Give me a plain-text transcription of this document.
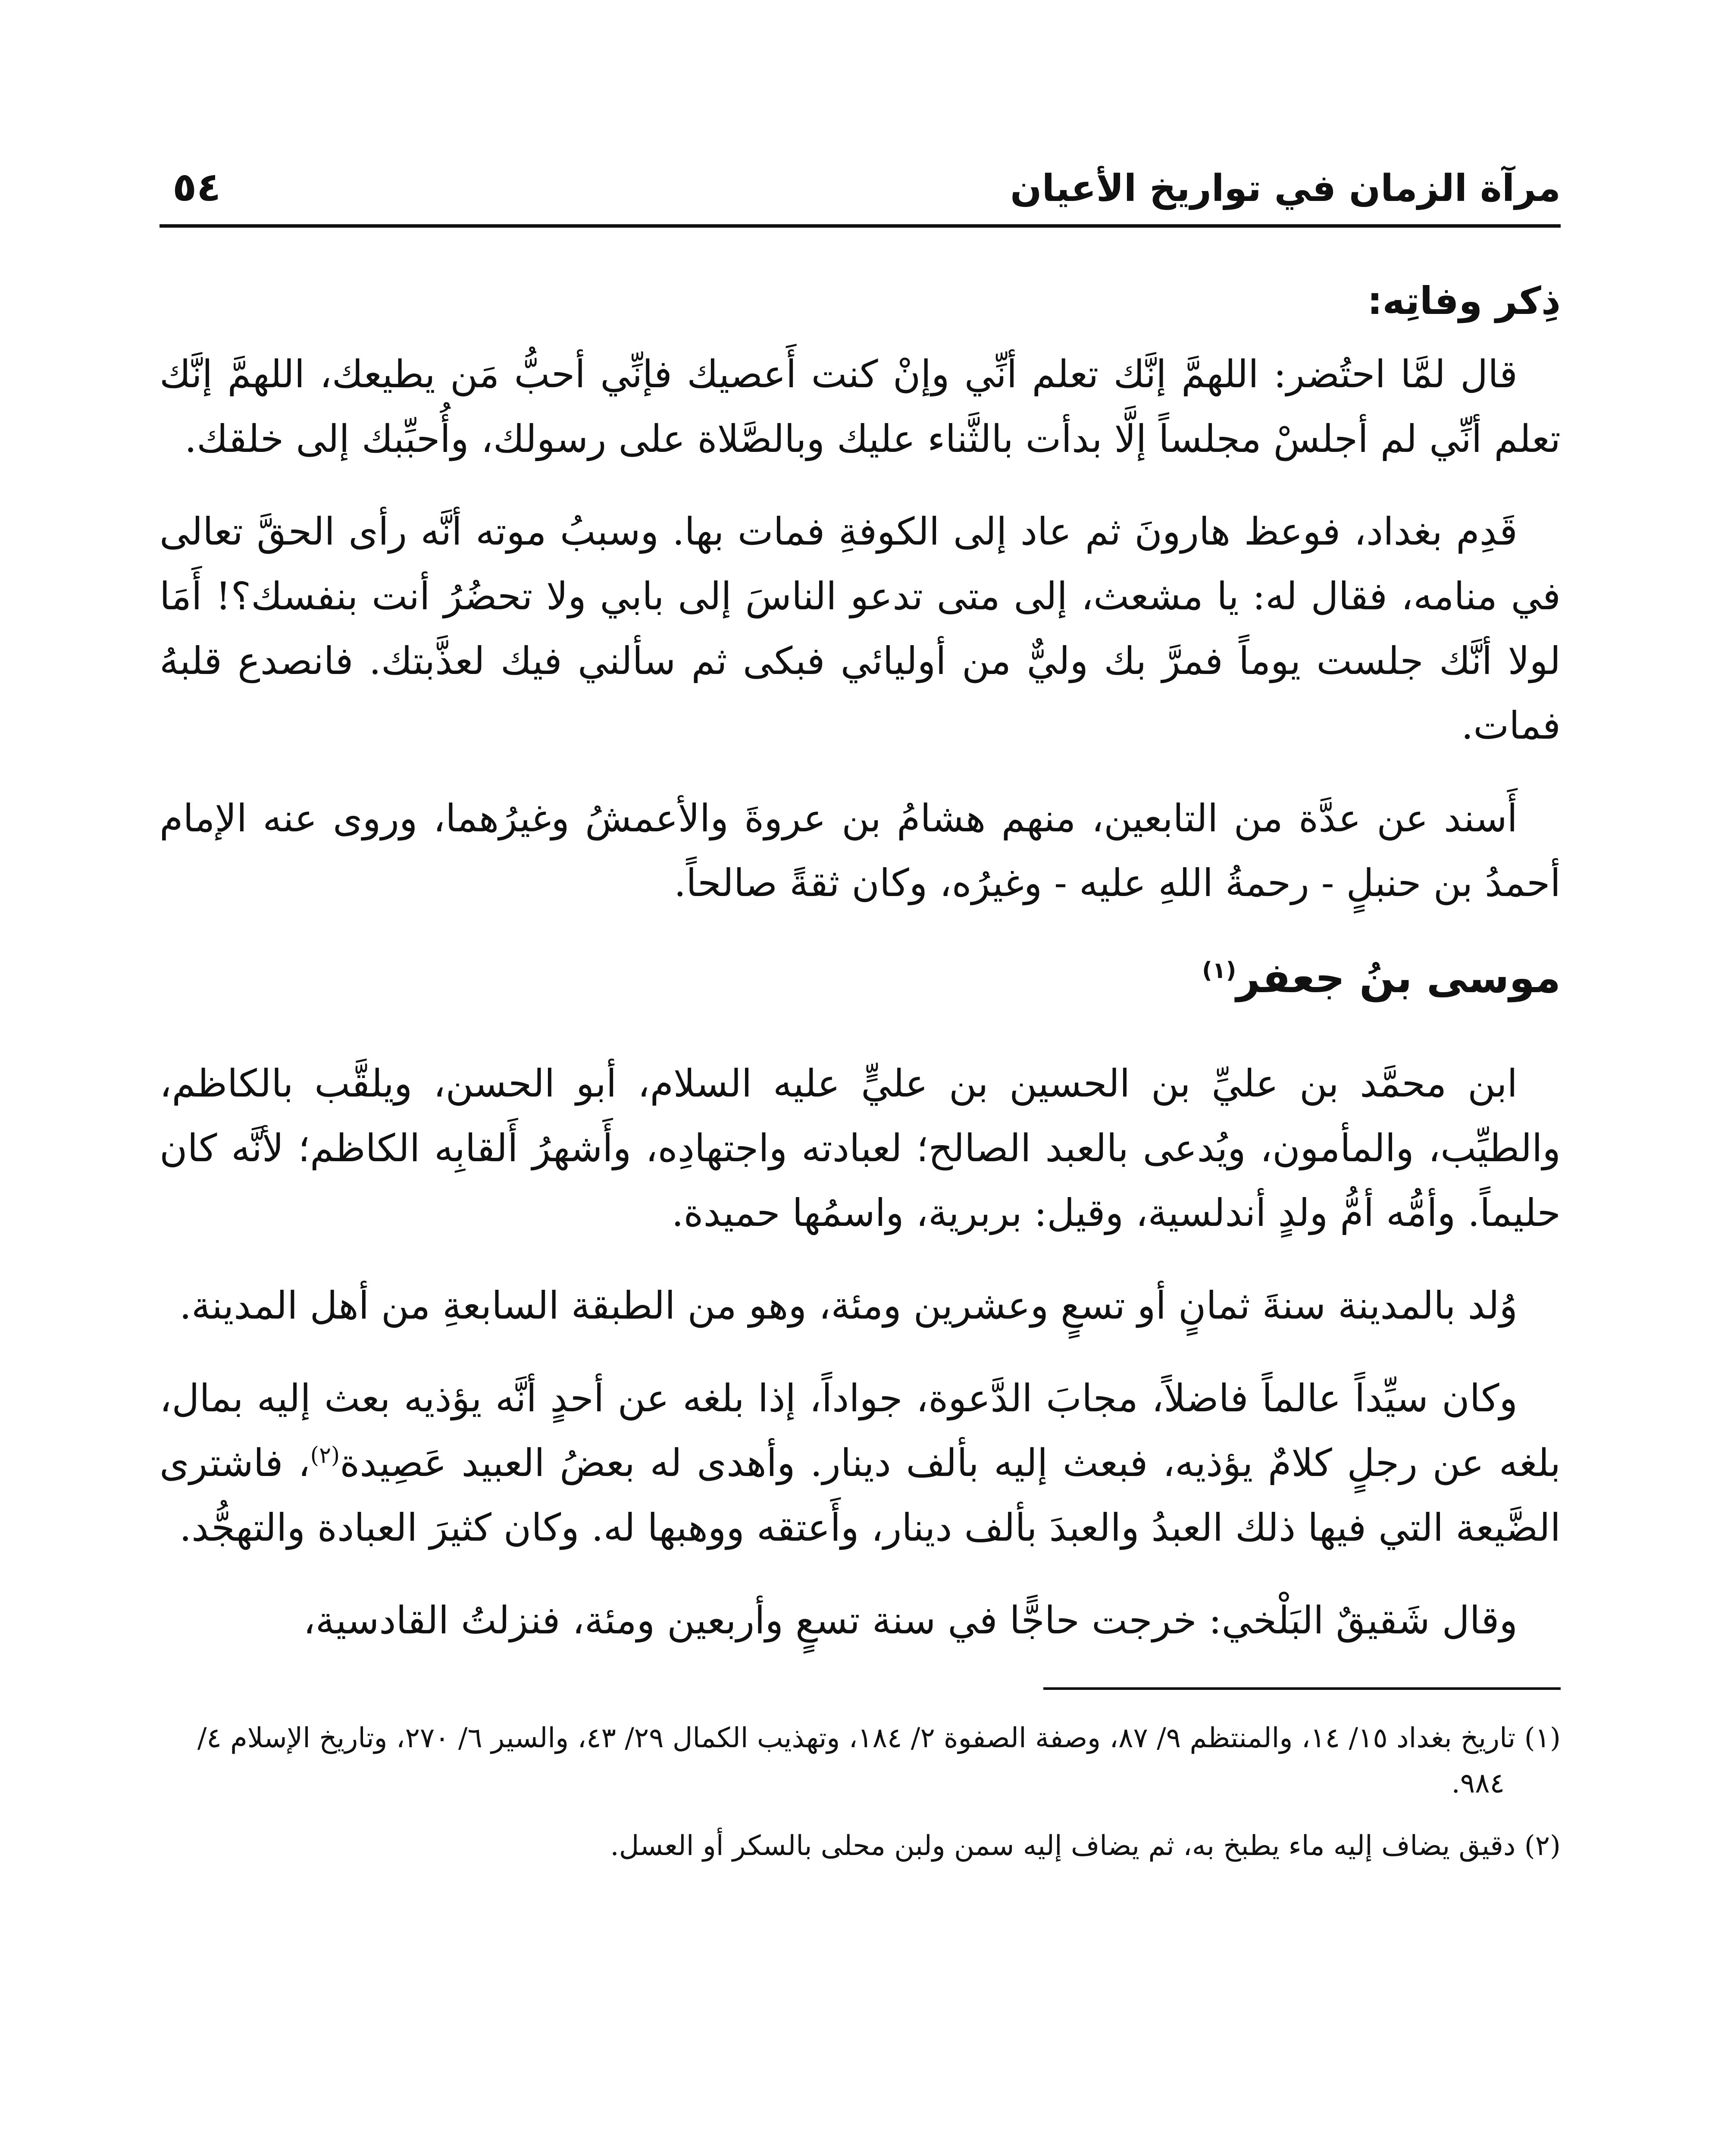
مرآة الزمان في تواريخ الأعيان
٥٤
ذِكر وفاتِه:

قال لمَّا احتُضر: اللهمَّ إنَّك تعلم أنِّي وإنْ كنت أَعصيك فإنِّي أحبُّ مَن يطيعك، اللهمَّ إنَّك تعلم أنِّي لم أجلسْ مجلساً إلَّا بدأت بالثَّناء عليك وبالصَّلاة على رسولك، وأُحبِّبك إلى خلقك.

قَدِم بغداد، فوعظ هارونَ ثم عاد إلى الكوفةِ فمات بها. وسببُ موته أنَّه رأى الحقَّ تعالى في منامه، فقال له: يا مشعث، إلى متى تدعو الناسَ إلى بابي ولا تحضُرُ أنت بنفسك؟! أَمَا لولا أنَّك جلست يوماً فمرَّ بك وليٌّ من أوليائي فبكى ثم سألني فيك لعذَّبتك. فانصدع قلبهُ فمات.

أَسند عن عدَّة من التابعين، منهم هشامُ بن عروةَ والأعمشُ وغيرُهما، وروى عنه الإمام أحمدُ بن حنبلٍ - رحمةُ اللهِ عليه - وغيرُه، وكان ثقةً صالحاً.

موسى بنُ جعفر$^{(١)}$

ابن محمَّد بن عليِّ بن الحسين بن عليٍّ عليه السلام، أبو الحسن، ويلقَّب بالكاظم، والطيِّب، والمأمون، ويُدعى بالعبد الصالح؛ لعبادته واجتهادِه، وأَشهرُ أَلقابِه الكاظم؛ لأنَّه كان حليماً. وأمُّه أمُّ ولدٍ أندلسية، وقيل: بربرية، واسمُها حميدة.

وُلد بالمدينة سنةَ ثمانٍ أو تسعٍ وعشرين ومئة، وهو من الطبقة السابعةِ من أهل المدينة.

وكان سيِّداً عالماً فاضلاً، مجابَ الدَّعوة، جواداً، إذا بلغه عن أحدٍ أنَّه يؤذيه بعث إليه بمال، بلغه عن رجلٍ كلامٌ يؤذيه، فبعث إليه بألف دينار. وأهدى له بعضُ العبيد عَصِيدة$^{(٢)}$، فاشترى الضَّيعة التي فيها ذلك العبدُ والعبدَ بألف دينار، وأَعتقه ووهبها له. وكان كثيرَ العبادة والتهجُّد.

وقال شَقيقٌ البَلْخي: خرجت حاجًّا في سنة تسعٍ وأربعين ومئة، فنزلتُ القادسية،

(١) تاريخ بغداد ١٥/ ١٤، والمنتظم ٩/ ٨٧، وصفة الصفوة ٢/ ١٨٤، وتهذيب الكمال ٢٩/ ٤٣، والسير ٦/ ٢٧٠، وتاريخ الإسلام ٤/ ٩٨٤.

(٢) دقيق يضاف إليه ماء يطبخ به، ثم يضاف إليه سمن ولبن محلى بالسكر أو العسل.
